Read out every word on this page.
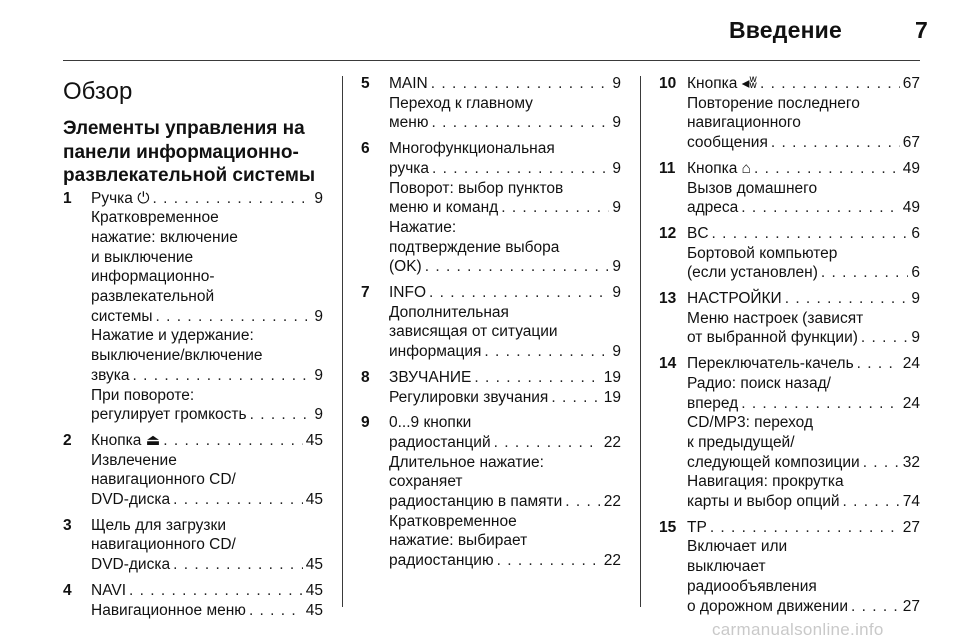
Введение	7
Обзор
Элементы управления на
панели информационно-
развлекательной системы
1 Ручка ⏻ . . .	9
Кратковременное
нажатие: включение
и выключение
информационно-
развлекательной
системы . . .	9
Нажатие и удержание:
выключение/включение
звука . . .	9
При повороте:
регулирует громкость . . .	9
2 Кнопка ⏏ . . .	45
Извлечение
навигационного CD/
DVD-диска . . .	45
3 Щель для загрузки
навигационного CD/
DVD-диска . . .	45
4 NAVI . . .	45
Навигационное меню . . .	45
5 MAIN . . .	9
Переход к главному
меню . . .	9
6 Многофункциональная
ручка . . .	9
Поворот: выбор пунктов
меню и команд . . .	9
Нажатие:
подтверждение выбора
(OK) . . .	9
7 INFO . . .	9
Дополнительная
зависящая от ситуации
информация . . .	9
8 ЗВУЧАНИЕ . . .	19
Регулировки звучания . . .	19
9 0...9 кнопки
радиостанций . . .	22
Длительное нажатие:
сохраняет
радиостанцию в памяти . . .	22
Кратковременное
нажатие: выбирает
радиостанцию . . .	22
10 Кнопка ◂ʬ . . .	67
Повторение последнего
навигационного
сообщения . . .	67
11 Кнопка ⌂ . . .	49
Вызов домашнего
адреса . . .	49
12 BC . . .	6
Бортовой компьютер
(если установлен) . . .	6
13 НАСТРОЙКИ . . .	9
Меню настроек (зависят
от выбранной функции) . . .	9
14 Переключатель-качель . . .	24
Радио: поиск назад/
вперед . . .	24
CD/MP3: переход
к предыдущей/
следующей композиции . . .	32
Навигация: прокрутка
карты и выбор опций . . .	74
15 TP . . .	27
Включает или
выключает
радиообъявления
о дорожном движении . . .	27
carmanualsonline.info
